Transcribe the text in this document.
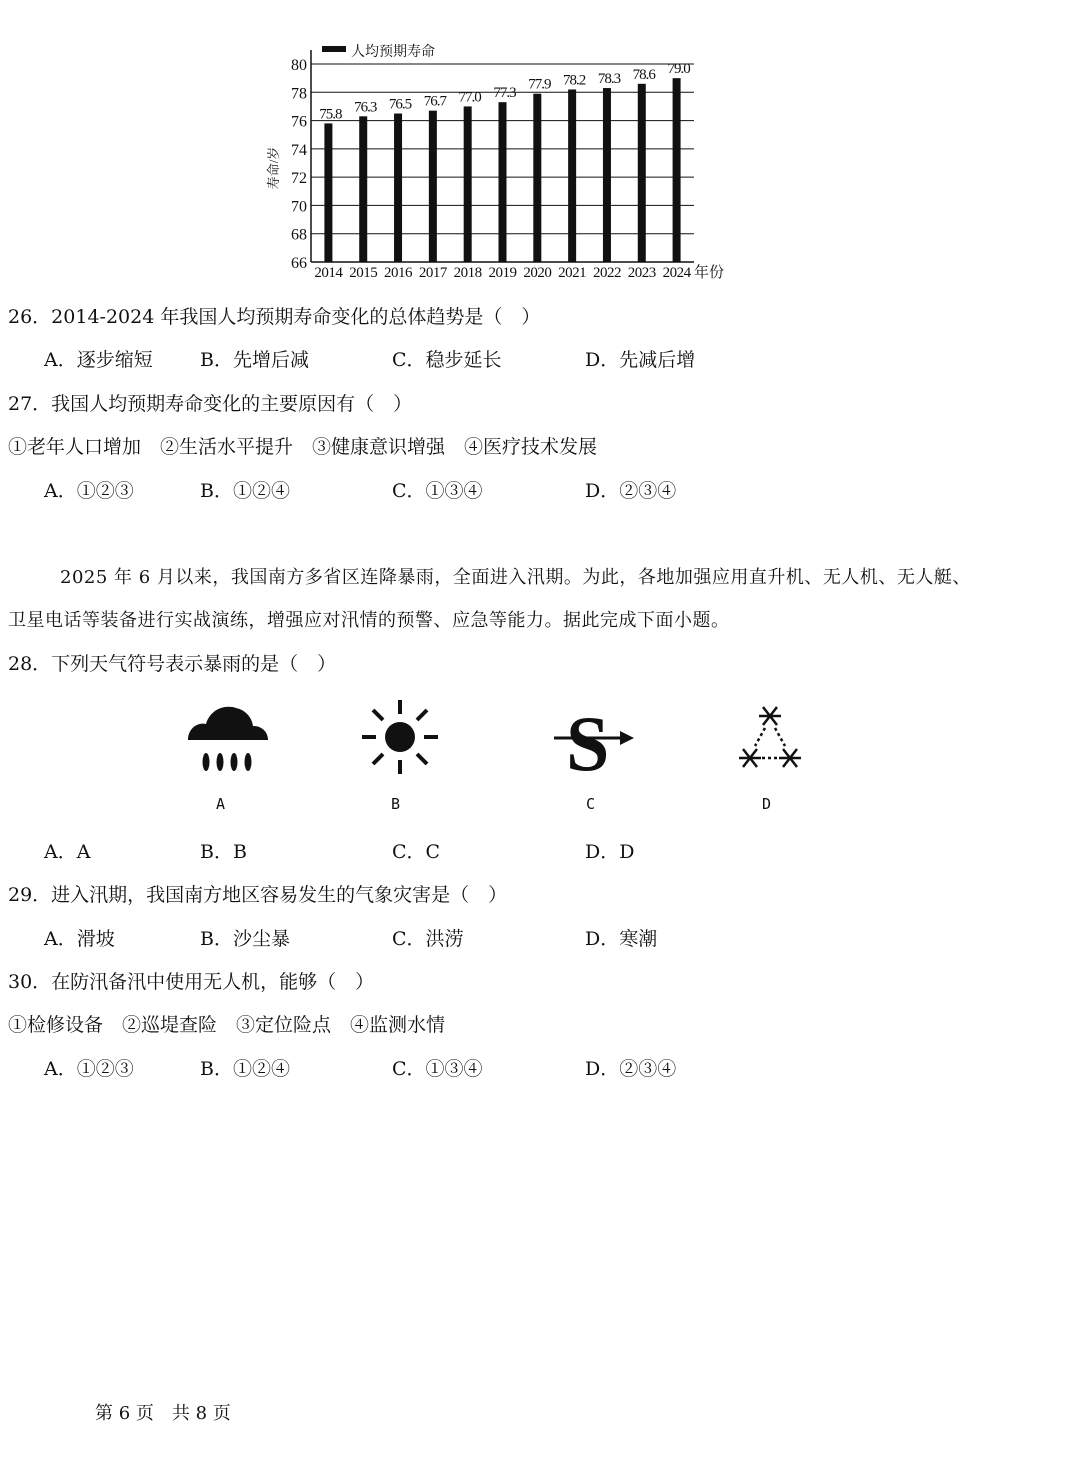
66
68
70
72
74
76
78
80
75.8
2014
76.3
2015
76.5
2016
76.7
2017
77.0
2018
77.3
2019
77.9
2020
78.2
2021
78.3
2022
78.6
2023
79.0
2024
人均预期寿命
寿命/岁
年份
26．2014-2024 年我国人均预期寿命变化的总体趋势是（　）
A．逐步缩短 B．先增后减	C．稳步延长	D．先减后增
27．我国人均预期寿命变化的主要原因有（　）
①老年人口增加　②生活水平提升　③健康意识增强　④医疗技术发展
A．①②③	B．①②④	C．①③④	D．②③④
2025 年 6 月以来，我国南方多省区连降暴雨，全面进入汛期。为此，各地加强应用直升机、无人机、无人艇、
卫星电话等装备进行实战演练，增强应对汛情的预警、应急等能力。据此完成下面小题。
28．下列天气符号表示暴雨的是（　）
A	B
S
C	D
A．A	B．B	C．C	D．D
29．进入汛期，我国南方地区容易发生的气象灾害是（　）
A．滑坡	B．沙尘暴	C．洪涝	D．寒潮
30．在防汛备汛中使用无人机，能够（　）
①检修设备　②巡堤查险　③定位险点　④监测水情
A．①②③	B．①②④	C．①③④	D．②③④
第 6 页　共 8 页
